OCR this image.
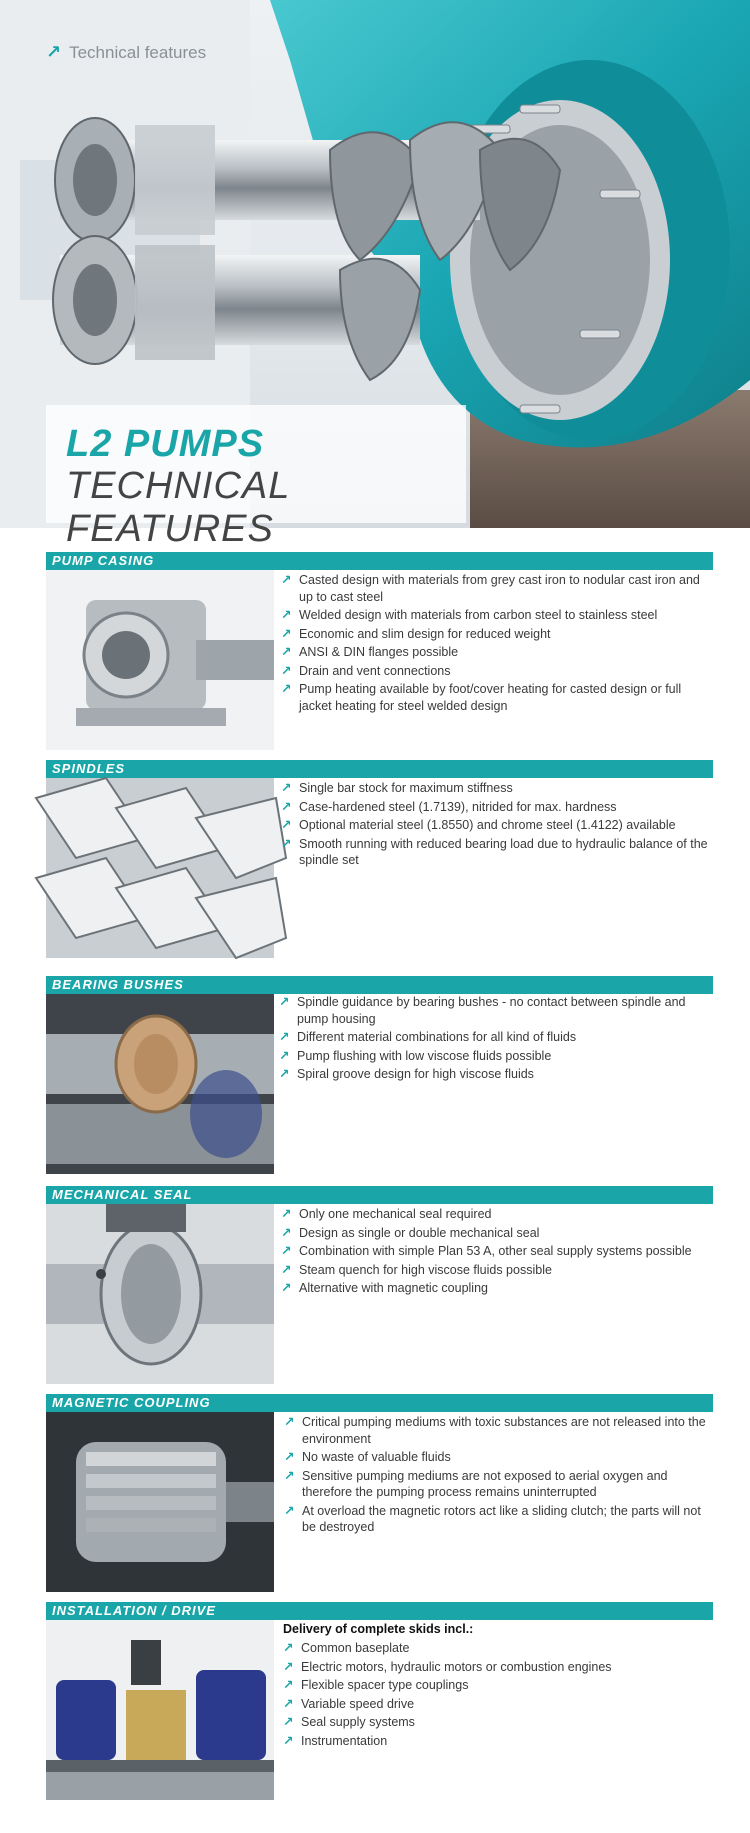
↗ Technical features
L2 PUMPS
TECHNICAL FEATURES
PUMP CASING
↗ Casted design with materials from grey cast iron to nodular cast iron and up to cast steel
↗ Welded design with materials from carbon steel to stainless steel
↗ Economic and slim design for reduced weight
↗ ANSI & DIN flanges possible
↗ Drain and vent connections
↗ Pump heating available by foot/cover heating for casted design or full jacket heating for steel welded design
SPINDLES
↗ Single bar stock for maximum stiffness
↗ Case-hardened steel (1.7139), nitrided for max. hardness
↗ Optional material steel (1.8550) and chrome steel (1.4122) available
↗ Smooth running with reduced bearing load due to hydraulic balance of the spindle set
BEARING BUSHES
↗ Spindle guidance by bearing bushes - no contact between spindle and pump housing
↗ Different material combinations for all kind of fluids
↗ Pump flushing with low viscose fluids possible
↗ Spiral groove design for high viscose fluids
MECHANICAL SEAL
↗ Only one mechanical seal required
↗ Design as single or double mechanical seal
↗ Combination with simple Plan 53 A, other seal supply systems possible
↗ Steam quench for high viscose fluids possible
↗ Alternative with magnetic coupling
MAGNETIC COUPLING
↗ Critical pumping mediums with toxic substances are not released into the environment
↗ No waste of valuable fluids
↗ Sensitive pumping mediums are not exposed to aerial oxygen and therefore the pumping process remains uninterrupted
↗ At overload the magnetic rotors act like a sliding clutch; the parts will not be destroyed
INSTALLATION / DRIVE
Delivery of complete skids incl.:
↗ Common baseplate
↗ Electric motors, hydraulic motors or combustion engines
↗ Flexible spacer type couplings
↗ Variable speed drive
↗ Seal supply systems
↗ Instrumentation
